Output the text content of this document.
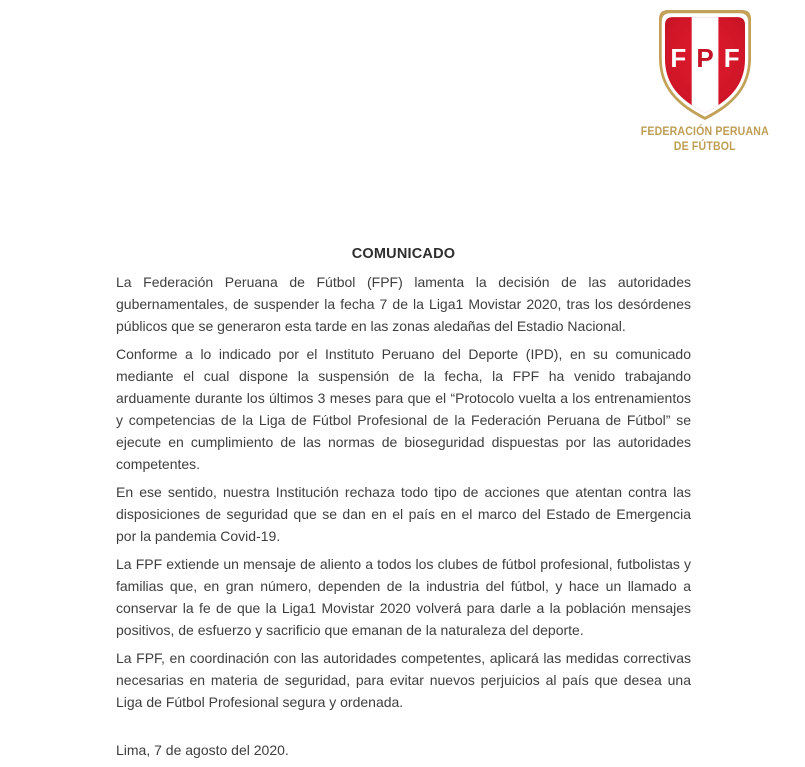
F P F
FEDERACIÓN PERUANA
DE FÚTBOL
COMUNICADO

La Federación Peruana de Fútbol (FPF) lamenta la decisión de las autoridades gubernamentales, de suspender la fecha 7 de la Liga1 Movistar 2020, tras los desórdenes públicos que se generaron esta tarde en las zonas aledañas del Estadio Nacional.

Conforme a lo indicado por el Instituto Peruano del Deporte (IPD), en su comunicado mediante el cual dispone la suspensión de la fecha, la FPF ha venido trabajando arduamente durante los últimos 3 meses para que el “Protocolo vuelta a los entrenamientos y competencias de la Liga de Fútbol Profesional de la Federación Peruana de Fútbol” se ejecute en cumplimiento de las normas de bioseguridad dispuestas por las autoridades competentes.

En ese sentido, nuestra Institución rechaza todo tipo de acciones que atentan contra las disposiciones de seguridad que se dan en el país en el marco del Estado de Emergencia por la pandemia Covid-19.

La FPF extiende un mensaje de aliento a todos los clubes de fútbol profesional, futbolistas y familias que, en gran número, dependen de la industria del fútbol, y hace un llamado a conservar la fe de que la Liga1 Movistar 2020 volverá para darle a la población mensajes positivos, de esfuerzo y sacrificio que emanan de la naturaleza del deporte.

La FPF, en coordinación con las autoridades competentes, aplicará las medidas correctivas necesarias en materia de seguridad, para evitar nuevos perjuicios al país que desea una Liga de Fútbol Profesional segura y ordenada.

Lima, 7 de agosto del 2020.
